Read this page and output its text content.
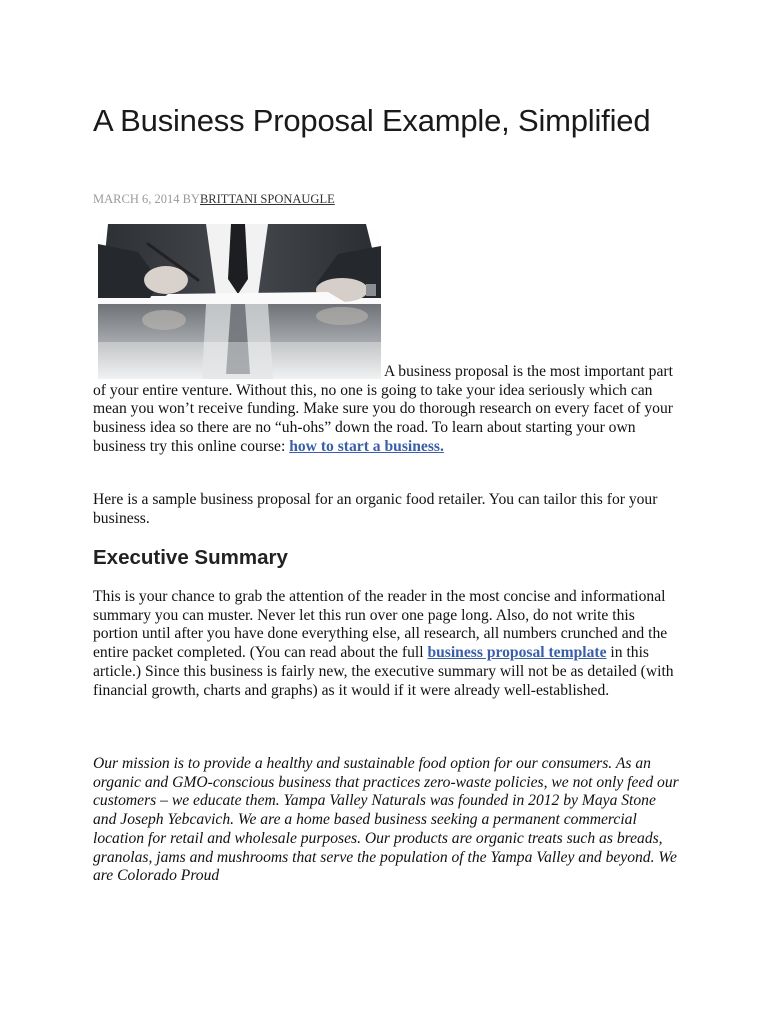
A Business Proposal Example, Simplified
MARCH 6, 2014 BYBRITTANI SPONAUGLE

A business proposal is the most important part of your entire venture. Without this, no one is going to take your idea seriously which can mean you won’t receive funding. Make sure you do thorough research on every facet of your business idea so there are no “uh-ohs” down the road. To learn about starting your own business try this online course: how to start a business.

Here is a sample business proposal for an organic food retailer. You can tailor this for your business.

Executive Summary

This is your chance to grab the attention of the reader in the most concise and informational summary you can muster. Never let this run over one page long. Also, do not write this portion until after you have done everything else, all research, all numbers crunched and the entire packet completed. (You can read about the full business proposal template in this article.) Since this business is fairly new, the executive summary will not be as detailed (with financial growth, charts and graphs) as it would if it were already well-established.

Our mission is to provide a healthy and sustainable food option for our consumers. As an organic and GMO-conscious business that practices zero-waste policies, we not only feed our customers – we educate them. Yampa Valley Naturals was founded in 2012 by Maya Stone and Joseph Yebcavich. We are a home based business seeking a permanent commercial location for retail and wholesale purposes. Our products are organic treats such as breads, granolas, jams and mushrooms that serve the population of the Yampa Valley and beyond. We are Colorado Proud
